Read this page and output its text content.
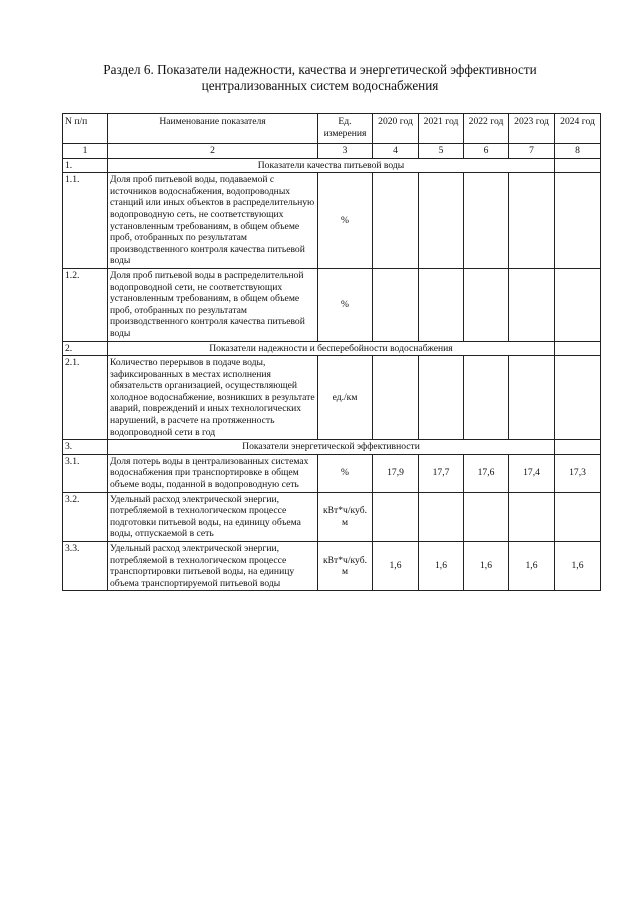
Раздел 6. Показатели надежности, качества и энергетической эффективности
централизованных систем водоснабжения
N п/п	Наименование показателя	Ед. измерения	2020 год	2021 год	2022 год	2023 год	2024 год
1	2	3	4	5	6	7	8
1.	Показатели качества питьевой воды						
1.1.	Доля проб питьевой воды, подаваемой с источников водоснабжения, водопроводных станций или иных объектов в распределительную водопроводную сеть, не соответствующих установленным требованиям, в общем объеме проб, отобранных по результатам производственного контроля качества питьевой воды	%					
1.2.	Доля проб питьевой воды в распределительной водопроводной сети, не соответствующих установленным требованиям, в общем объеме проб, отобранных по результатам производственного контроля качества питьевой воды	%					
2.	Показатели надежности и бесперебойности водоснабжения						
2.1.	Количество перерывов в подаче воды, зафиксированных в местах исполнения обязательств организацией, осуществляющей холодное водоснабжение, возникших в результате аварий, повреждений и иных технологических нарушений, в расчете на протяженность водопроводной сети в год	ед./км					
3.	Показатели энергетической эффективности						
3.1.	Доля потерь воды в централизованных системах водоснабжения при транспортировке в общем объеме воды, поданной в водопроводную сеть	%	17,9	17,7	17,6	17,4	17,3
3.2.	Удельный расход электрической энергии, потребляемой в технологическом процессе подготовки питьевой воды, на единицу объема воды, отпускаемой в сеть	кВт*ч/куб. м					
3.3.	Удельный расход электрической энергии, потребляемой в технологическом процессе транспортировки питьевой воды, на единицу объема транспортируемой питьевой воды	кВт*ч/куб. м	1,6	1,6	1,6	1,6	1,6
